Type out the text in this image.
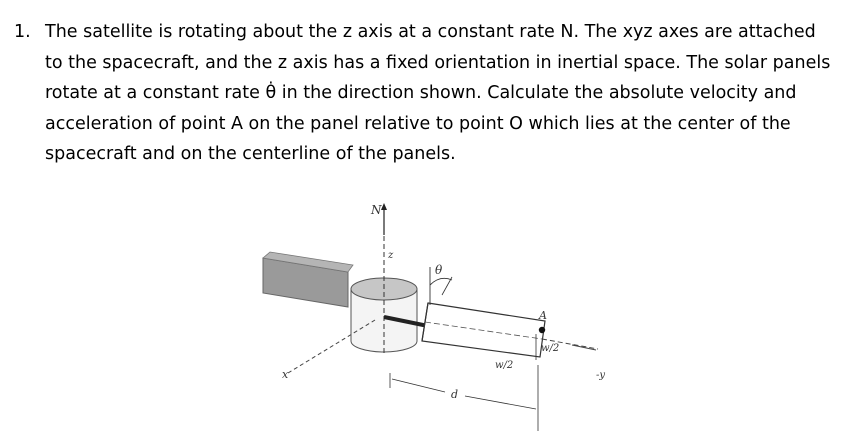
1. The satellite is rotating about the z axis at a constant rate N. The xyz axes are attached
to the spacecraft, and the z axis has a fixed orientation in inertial space. The solar panels
rotate at a constant rate θ̇ in the direction shown. Calculate the absolute velocity and
acceleration of point A on the panel relative to point O which lies at the center of the
spacecraft and on the centerline of the panels.
N
z
θ
A
w/2
w/2
x	-y
d
